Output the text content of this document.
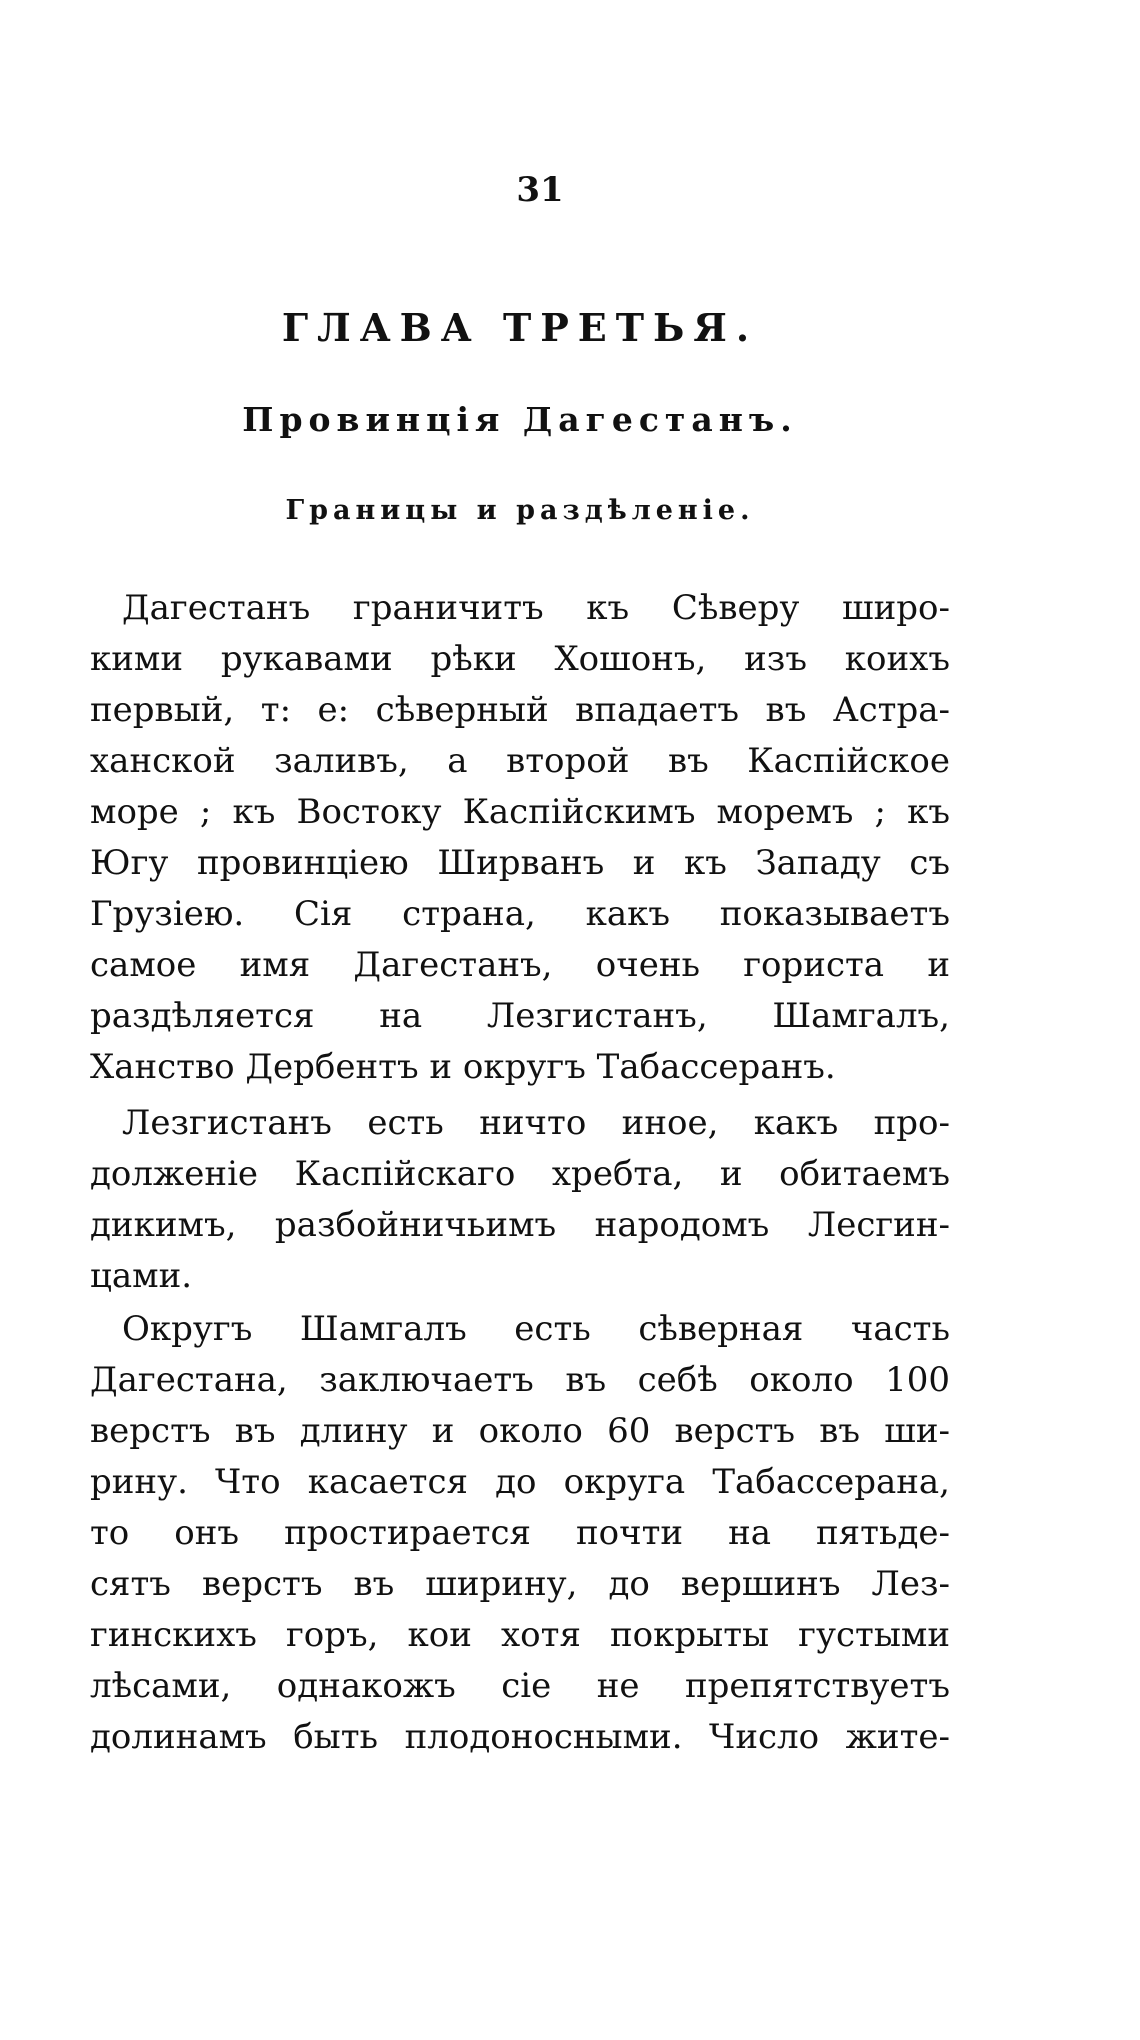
31
ГЛАВА ТРЕТЬЯ.
Провинція Дагестанъ.
Границы и раздѣленіе.
Дагестанъ граничитъ къ Сѣверу широ-
кими рукавами рѣки Хошонъ, изъ коихъ
первый, т: е: сѣверный впадаетъ въ Астра-
ханской заливъ, а второй въ Каспійское
море ; къ Востоку Каспійскимъ моремъ ; къ
Югу провинціею Ширванъ и къ Западу съ
Грузіею. Сія страна, какъ показываетъ
самое имя Дагестанъ, очень гориста и
раздѣляется на Лезгистанъ, Шамгалъ,
Ханство Дербентъ и округъ Табассеранъ.
Лезгистанъ есть ничто иное, какъ про-
долженіе Каспійскаго хребта, и обитаемъ
дикимъ, разбойничьимъ народомъ Лесгин-
цами.
Округъ Шамгалъ есть сѣверная часть
Дагестана, заключаетъ въ себѣ около 100
верстъ въ длину и около 60 верстъ въ ши-
рину. Что касается до округа Табассерана,
то онъ простирается почти на пятьде-
сятъ верстъ въ ширину, до вершинъ Лез-
гинскихъ горъ, кои хотя покрыты густыми
лѣсами, однакожъ сіе не препятствуетъ
долинамъ быть плодоносными. Число жите-
